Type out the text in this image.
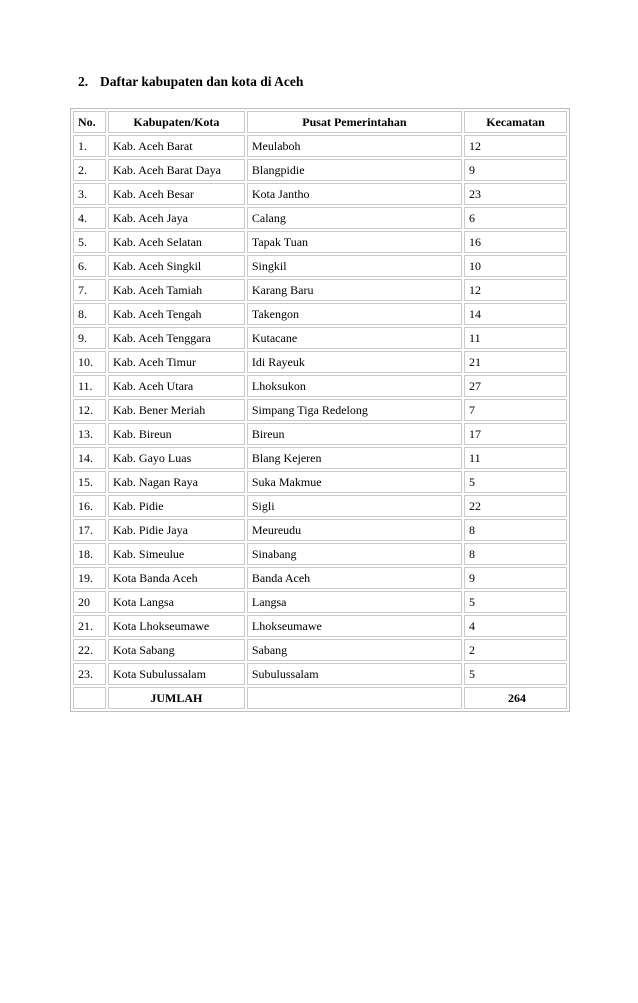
2. Daftar kabupaten dan kota di Aceh
No.	Kabupaten/Kota	Pusat Pemerintahan	Kecamatan
1.	Kab. Aceh Barat	Meulaboh	12
2.	Kab. Aceh Barat Daya	Blangpidie	9
3.	Kab. Aceh Besar	Kota Jantho	23
4.	Kab. Aceh Jaya	Calang	6
5.	Kab. Aceh Selatan	Tapak Tuan	16
6.	Kab. Aceh Singkil	Singkil	10
7.	Kab. Aceh Tamiah	Karang Baru	12
8.	Kab. Aceh Tengah	Takengon	14
9.	Kab. Aceh Tenggara	Kutacane	11
10.	Kab. Aceh Timur	Idi Rayeuk	21
11.	Kab. Aceh Utara	Lhoksukon	27
12.	Kab. Bener Meriah	Simpang Tiga Redelong	7
13.	Kab. Bireun	Bireun	17
14.	Kab. Gayo Luas	Blang Kejeren	11
15.	Kab. Nagan Raya	Suka Makmue	5
16.	Kab. Pidie	Sigli	22
17.	Kab. Pidie Jaya	Meureudu	8
18.	Kab. Simeulue	Sinabang	8
19.	Kota Banda Aceh	Banda Aceh	9
20	Kota Langsa	Langsa	5
21.	Kota Lhokseumawe	Lhokseumawe	4
22.	Kota Sabang	Sabang	2
23.	Kota Subulussalam	Subulussalam	5
	JUMLAH		264
